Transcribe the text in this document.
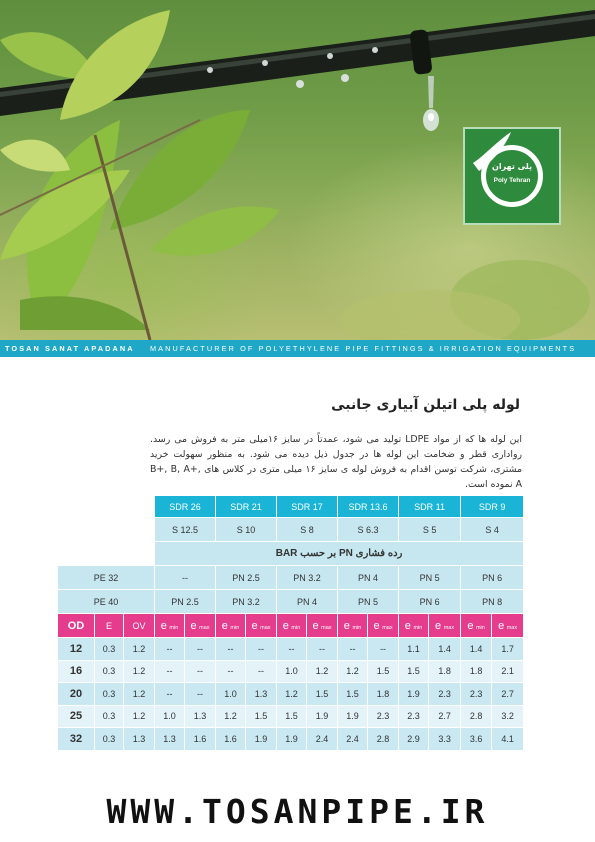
پلی تهران
Poly Tehran
TOSAN SANAT APADANA MANUFACTURER OF POLYETHYLENE PIPE FITTINGS & IRRIGATION EQUIPMENTS
لوله پلی اتیلن آبیاری جانبی

این لوله ها که از مواد LDPE تولید می شود، عمدتاً در سایز ۱۶میلی متر به فروش می رسد. رواداری قطر و ضخامت این لوله ها در جدول ذیل دیده می شود. به منظور سهولت خرید مشتری، شرکت توسن اقدام به فروش لوله ی سایز ۱۶ میلی متری در کلاس های B+, B, A+, A نموده است.

			SDR 26		SDR 21		SDR 17		SDR 13.6		SDR 11		SDR 9	
			S 12.5		S 10		S 8		S 6.3		S 5		S 4	
			رده فشاری PN بر حسب BAR											
PE 32			--		PN 2.5		PN 3.2		PN 4		PN 5		PN 6	
PE 40			PN 2.5		PN 3.2		PN 4		PN 5		PN 6		PN 8	
OD	E	OV	e min	e max	e min	e max	e min	e max	e min	e max	e min	e max	e min	e max
12	0.3	1.2	--	--	--	--	--	--	--	--	1.1	1.4	1.4	1.7
16	0.3	1.2	--	--	--	--	1.0	1.2	1.2	1.5	1.5	1.8	1.8	2.1
20	0.3	1.2	--	--	1.0	1.3	1.2	1.5	1.5	1.8	1.9	2.3	2.3	2.7
25	0.3	1.2	1.0	1.3	1.2	1.5	1.5	1.9	1.9	2.3	2.3	2.7	2.8	3.2
32	0.3	1.3	1.3	1.6	1.6	1.9	1.9	2.4	2.4	2.8	2.9	3.3	3.6	4.1
WWW.TOSANPIPE.IR
